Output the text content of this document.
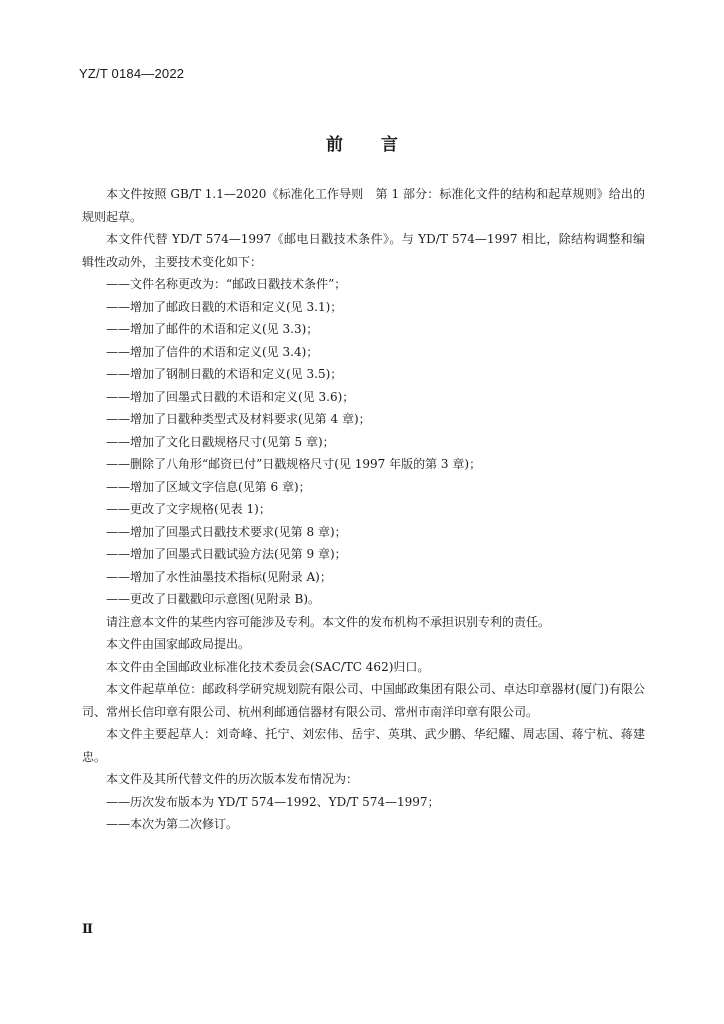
YZ/T 0184—2022
前 言

本文件按照 GB/T 1.1—2020《标准化工作导则　第 1 部分：标准化文件的结构和起草规则》给出的规则起草。

本文件代替 YD/T 574—1997《邮电日戳技术条件》。与 YD/T 574—1997 相比，除结构调整和编辑性改动外，主要技术变化如下：

——文件名称更改为：“邮政日戳技术条件”；

——增加了邮政日戳的术语和定义(见 3.1)；

——增加了邮件的术语和定义(见 3.3)；

——增加了信件的术语和定义(见 3.4)；

——增加了钢制日戳的术语和定义(见 3.5)；

——增加了回墨式日戳的术语和定义(见 3.6)；

——增加了日戳种类型式及材料要求(见第 4 章)；

——增加了文化日戳规格尺寸(见第 5 章)；

——删除了八角形“邮资已付”日戳规格尺寸(见 1997 年版的第 3 章)；

——增加了区域文字信息(见第 6 章)；

——更改了文字规格(见表 1)；

——增加了回墨式日戳技术要求(见第 8 章)；

——增加了回墨式日戳试验方法(见第 9 章)；

——增加了水性油墨技术指标(见附录 A)；

——更改了日戳戳印示意图(见附录 B)。

请注意本文件的某些内容可能涉及专利。本文件的发布机构不承担识别专利的责任。

本文件由国家邮政局提出。

本文件由全国邮政业标准化技术委员会(SAC/TC 462)归口。

本文件起草单位：邮政科学研究规划院有限公司、中国邮政集团有限公司、卓达印章器材(厦门)有限公司、常州长信印章有限公司、杭州利邮通信器材有限公司、常州市南洋印章有限公司。

本文件主要起草人：刘奇峰、托宁、刘宏伟、岳宇、英琪、武少鹏、华纪耀、周志国、蒋宁杭、蒋建忠。

本文件及其所代替文件的历次版本发布情况为：

——历次发布版本为 YD/T 574—1992、YD/T 574—1997；

——本次为第二次修订。

Ⅱ
